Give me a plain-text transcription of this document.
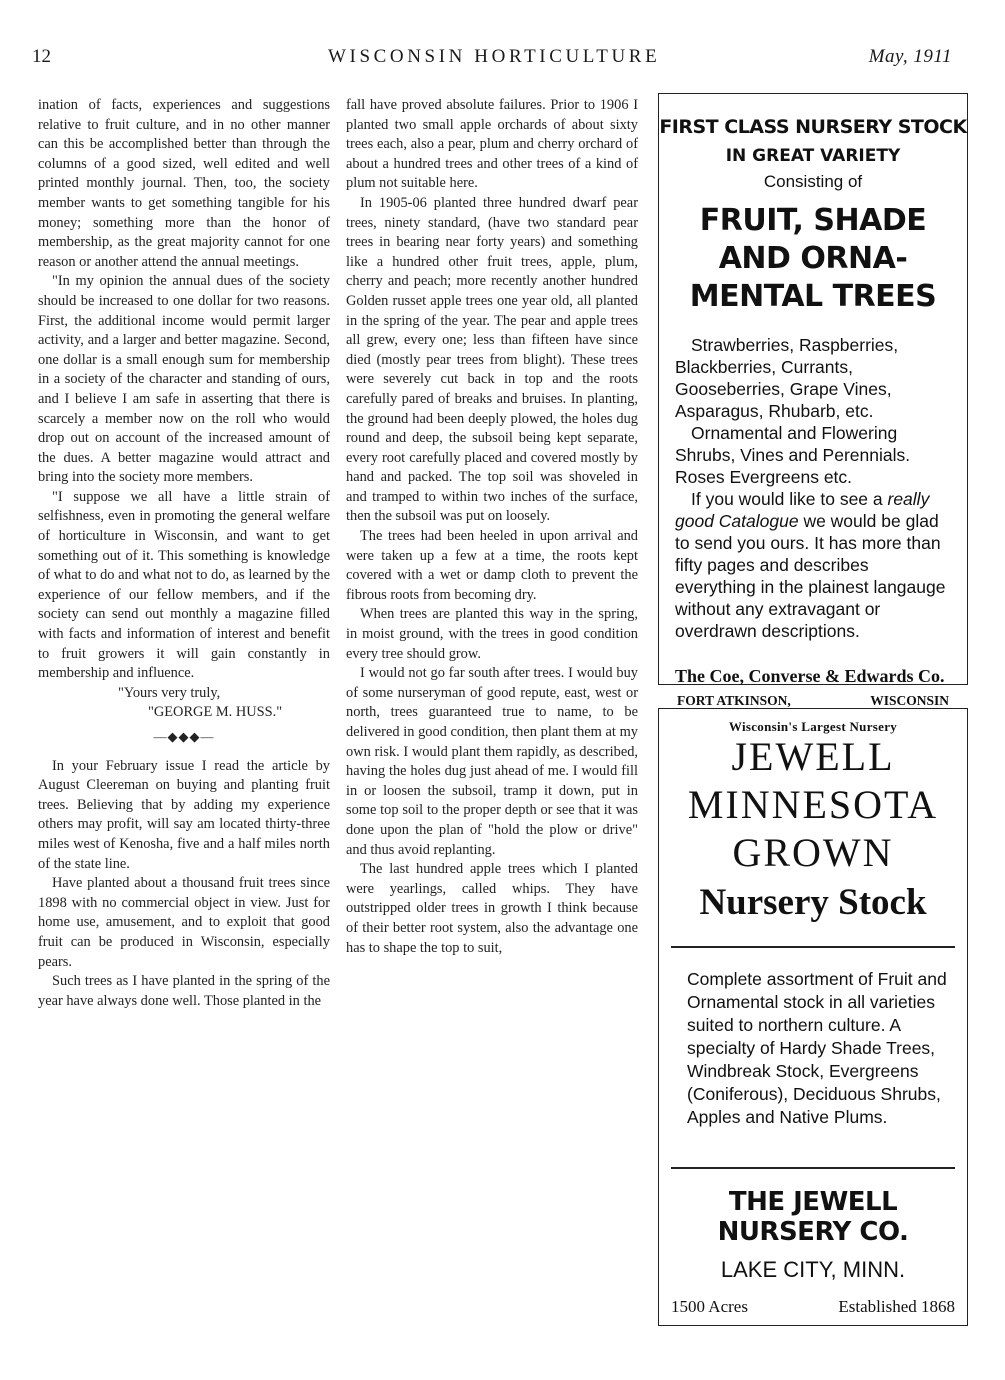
12	WISCONSIN HORTICULTURE	May, 1911

ination of facts, experiences and suggestions relative to fruit culture, and in no other manner can this be accomplished better than through the columns of a good sized, well edited and well printed monthly journal. Then, too, the society member wants to get something tangible for his money; something more than the honor of membership, as the great majority cannot for one reason or another attend the annual meetings.

"In my opinion the annual dues of the society should be increased to one dollar for two reasons. First, the additional income would permit larger activity, and a larger and better magazine. Second, one dollar is a small enough sum for membership in a society of the character and standing of ours, and I believe I am safe in asserting that there is scarcely a member now on the roll who would drop out on account of the increased amount of the dues. A better magazine would attract and bring into the society more members.

"I suppose we all have a little strain of selfishness, even in promoting the general welfare of horticulture in Wisconsin, and want to get something out of it. This something is knowledge of what to do and what not to do, as learned by the experience of our fellow members, and if the society can send out monthly a magazine filled with facts and information of interest and benefit to fruit growers it will gain constantly in membership and influence.

"Yours very truly,

"GEORGE M. HUSS."

—◆◆◆—

In your February issue I read the article by August Cleereman on buying and planting fruit trees. Believing that by adding my experience others may profit, will say am located thirty-three miles west of Kenosha, five and a half miles north of the state line.

Have planted about a thousand fruit trees since 1898 with no commercial object in view. Just for home use, amusement, and to exploit that good fruit can be produced in Wisconsin, especially pears.

Such trees as I have planted in the spring of the year have always done well. Those planted in the

fall have proved absolute failures. Prior to 1906 I planted two small apple orchards of about sixty trees each, also a pear, plum and cherry orchard of about a hundred trees and other trees of a kind of plum not suitable here.

In 1905-06 planted three hundred dwarf pear trees, ninety standard, (have two standard pear trees in bearing near forty years) and something like a hundred other fruit trees, apple, plum, cherry and peach; more recently another hundred Golden russet apple trees one year old, all planted in the spring of the year. The pear and apple trees all grew, every one; less than fifteen have since died (mostly pear trees from blight). These trees were severely cut back in top and the roots carefully pared of breaks and bruises. In planting, the ground had been deeply plowed, the holes dug round and deep, the subsoil being kept separate, every root carefully placed and covered mostly by hand and packed. The top soil was shoveled in and tramped to within two inches of the surface, then the subsoil was put on loosely.

The trees had been heeled in upon arrival and were taken up a few at a time, the roots kept covered with a wet or damp cloth to prevent the fibrous roots from becoming dry.

When trees are planted this way in the spring, in moist ground, with the trees in good condition every tree should grow.

I would not go far south after trees. I would buy of some nurseryman of good repute, east, west or north, trees guaranteed true to name, to be delivered in good condition, then plant them at my own risk. I would plant them rapidly, as described, having the holes dug just ahead of me. I would fill in or loosen the subsoil, tramp it down, put in some top soil to the proper depth or see that it was done upon the plan of "hold the plow or drive" and thus avoid replanting.

The last hundred apple trees which I planted were yearlings, called whips. They have outstripped older trees in growth I think because of their better root system, also the advantage one has to shape the top to suit,

FIRST CLASS NURSERY STOCK
IN GREAT VARIETY
Consisting of
FRUIT, SHADE AND ORNA-
MENTAL TREES

Strawberries, Raspberries, Blackberries, Currants, Gooseberries, Grape Vines, Asparagus, Rhubarb, etc.

Ornamental and Flowering Shrubs, Vines and Perennials. Roses Evergreens etc.

If you would like to see a really good Catalogue we would be glad to send you ours. It has more than fifty pages and describes everything in the plainest langauge without any extravagant or overdrawn descriptions.

The Coe, Converse & Edwards Co.
FORT ATKINSON,	WISCONSIN
Wisconsin's Largest Nursery
JEWELL
MINNESOTA
GROWN
Nursery Stock
Complete assortment of Fruit and Ornamental stock in all varieties suited to northern culture. A specialty of Hardy Shade Trees, Windbreak Stock, Evergreens (Coniferous), Deciduous Shrubs, Apples and Native Plums.
THE JEWELL NURSERY CO.
LAKE CITY, MINN.
1500 Acres	Established 1868
